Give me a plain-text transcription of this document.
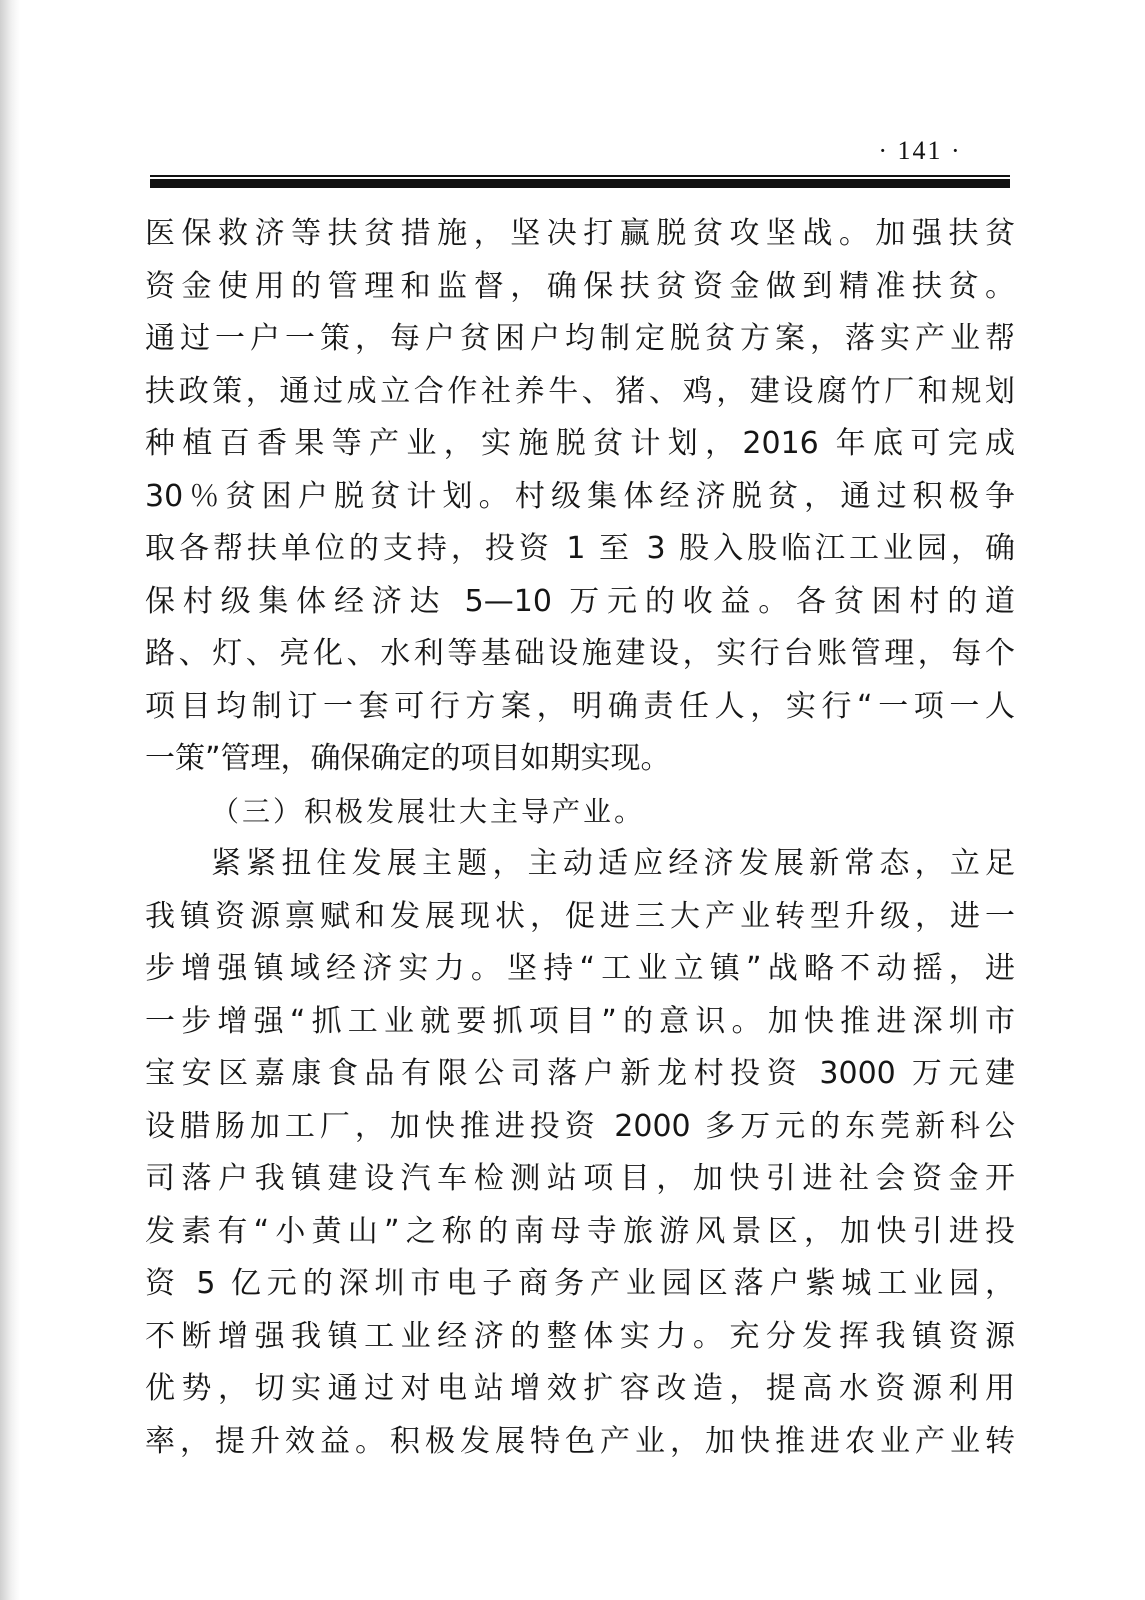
· 141 ·
医保救济等扶贫措施，坚决打赢脱贫攻坚战。加强扶贫
资金使用的管理和监督，确保扶贫资金做到精准扶贫。
通过一户一策，每户贫困户均制定脱贫方案，落实产业帮
扶政策，通过成立合作社养牛、猪、鸡，建设腐竹厂和规划
种植百香果等产业，实施脱贫计划，2016 年底可完成
30％贫困户脱贫计划。村级集体经济脱贫，通过积极争
取各帮扶单位的支持，投资 1 至 3 股入股临江工业园，确
保村级集体经济达 5—10 万元的收益。各贫困村的道
路、灯、亮化、水利等基础设施建设，实行台账管理，每个
项目均制订一套可行方案，明确责任人，实行“一项一人
一策”管理，确保确定的项目如期实现。
（三）积极发展壮大主导产业。
紧紧扭住发展主题，主动适应经济发展新常态，立足
我镇资源禀赋和发展现状，促进三大产业转型升级，进一
步增强镇域经济实力。坚持“工业立镇”战略不动摇，进
一步增强“抓工业就要抓项目”的意识。加快推进深圳市
宝安区嘉康食品有限公司落户新龙村投资 3000 万元建
设腊肠加工厂，加快推进投资 2000 多万元的东莞新科公
司落户我镇建设汽车检测站项目，加快引进社会资金开
发素有“小黄山”之称的南母寺旅游风景区，加快引进投
资 5 亿元的深圳市电子商务产业园区落户紫城工业园，
不断增强我镇工业经济的整体实力。充分发挥我镇资源
优势，切实通过对电站增效扩容改造，提高水资源利用
率，提升效益。积极发展特色产业，加快推进农业产业转
